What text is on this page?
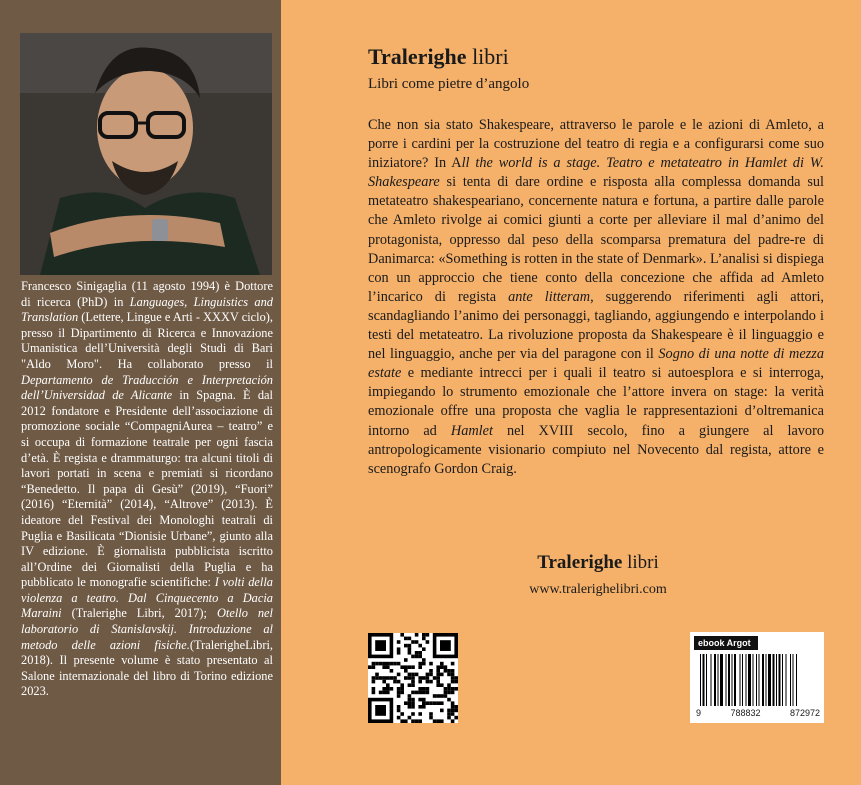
Francesco Sinigaglia (11 agosto 1994) è Dottore di ricerca (PhD) in Languages, Linguistics and Translation (Lettere, Lingue e Arti - XXXV ciclo), presso il Dipartimento di Ricerca e Innovazione Umanistica dell’Università degli Studi di Bari "Aldo Moro". Ha collaborato presso il Departamento de Traducción e Interpretación dell’Universidad de Alicante in Spagna. È dal 2012 fondatore e Presidente dell’associazione di promozione sociale “CompagniAurea – teatro” e si occupa di formazione teatrale per ogni fascia d’età. È regista e drammaturgo: tra alcuni titoli di lavori portati in scena e premiati si ricordano “Benedetto. Il papa di Gesù” (2019), “Fuori” (2016) “Eternità” (2014), “Altrove” (2013). È ideatore del Festival dei Monologhi teatrali di Puglia e Basilicata “Dionisie Urbane”, giunto alla IV edizione. È giornalista pubblicista iscritto all’Ordine dei Giornalisti della Puglia e ha pubblicato le monografie scientifiche: I volti della violenza a teatro. Dal Cinquecento a Dacia Maraini (Tralerighe Libri, 2017); Otello nel laboratorio di Stanislavskij. Introduzione al metodo delle azioni fisiche.(TralerigheLibri, 2018). Il presente volume è stato presentato al Salone internazionale del libro di Torino edizione 2023.

Tralerighe libri
Libri come pietre d’angolo

Che non sia stato Shakespeare, attraverso le parole e le azioni di Amleto, a porre i cardini per la costruzione del teatro di regia e a configurarsi come suo iniziatore? In All the world is a stage. Teatro e metateatro in Hamlet di W. Shakespeare si tenta di dare ordine e risposta alla complessa domanda sul metateatro shakespeariano, concernente natura e fortuna, a partire dalle parole che Amleto rivolge ai comici giunti a corte per alleviare il mal d’animo del protagonista, oppresso dal peso della scomparsa prematura del padre-re di Danimarca: «Something is rotten in the state of Denmark». L’analisi si dispiega con un approccio che tiene conto della concezione che affida ad Amleto l’incarico di regista ante litteram, suggerendo riferimenti agli attori, scandagliando l’animo dei personaggi, tagliando, aggiungendo e interpolando i testi del metateatro. La rivoluzione proposta da Shakespeare è il linguaggio e nel linguaggio, anche per via del paragone con il Sogno di una notte di mezza estate e mediante intrecci per i quali il teatro si autoesplora e si interroga, impiegando lo strumento emozionale che l’attore invera on stage: la verità emozionale offre una proposta che vaglia le rappresentazioni d’oltremanica intorno ad Hamlet nel XVIII secolo, fino a giungere al lavoro antropologicamente visionario compiuto nel Novecento dal regista, attore e scenografo Gordon Craig.

Tralerighe libri
www.tralerighelibri.com
ebook Argot
9	788832	872972
